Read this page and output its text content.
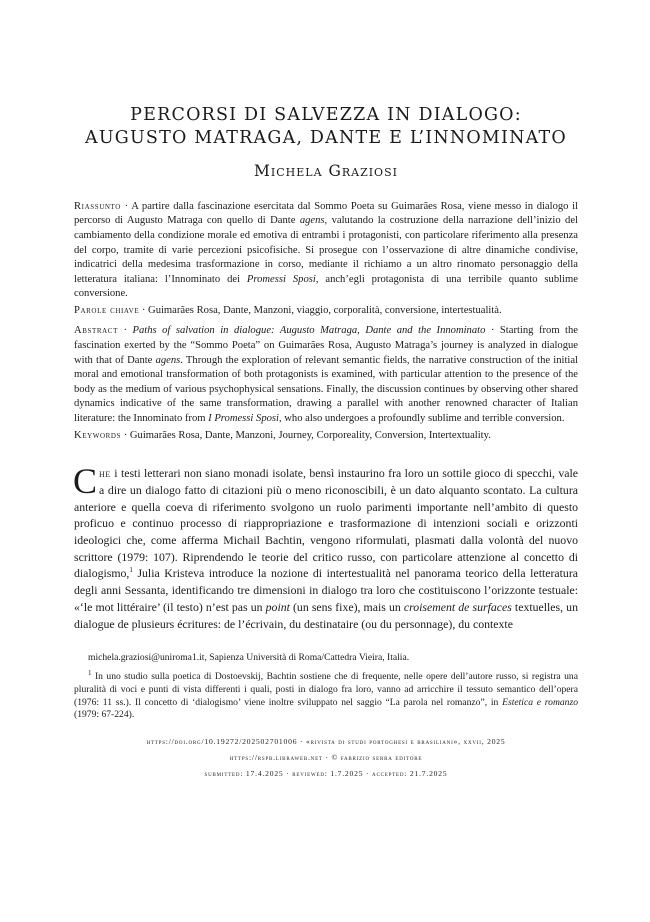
PERCORSI DI SALVEZZA IN DIALOGO:
AUGUSTO MATRAGA, DANTE E L’INNOMINATO
Michela Graziosi

Riassunto · A partire dalla fascinazione esercitata dal Sommo Poeta su Guimarães Rosa, viene messo in dialogo il percorso di Augusto Matraga con quello di Dante agens, valutando la costruzione della narrazione dell’inizio del cambiamento della condizione morale ed emotiva di entrambi i protagonisti, con particolare riferimento alla presenza del corpo, tramite di varie percezioni psicofisiche. Si prosegue con l’osservazione di altre dinamiche condivise, indicatrici della medesima trasformazione in corso, mediante il richiamo a un altro rinomato personaggio della letteratura italiana: l’Innominato dei Promessi Sposi, anch’egli protagonista di una terribile quanto sublime conversione.

Parole chiave · Guimarães Rosa, Dante, Manzoni, viaggio, corporalità, conversione, intertestualità.

Abstract · Paths of salvation in dialogue: Augusto Matraga, Dante and the Innominato · Starting from the fascination exerted by the “Sommo Poeta” on Guimarães Rosa, Augusto Matraga’s journey is analyzed in dialogue with that of Dante agens. Through the exploration of relevant semantic fields, the narrative construction of the initial moral and emotional transformation of both protagonists is examined, with particular attention to the presence of the body as the medium of various psychophysical sensations. Finally, the discussion continues by observing other shared dynamics indicative of the same transformation, drawing a parallel with another renowned character of Italian literature: the Innominato from I Promessi Sposi, who also undergoes a profoundly sublime and terrible conversion.

Keywords · Guimarães Rosa, Dante, Manzoni, Journey, Corporeality, Conversion, Intertextuality.

Che i testi letterari non siano monadi isolate, bensì instaurino fra loro un sottile gioco di specchi, vale a dire un dialogo fatto di citazioni più o meno riconoscibili, è un dato alquanto scontato. La cultura anteriore e quella coeva di riferimento svolgono un ruolo parimenti importante nell’ambito di questo proficuo e continuo processo di riappropriazione e trasformazione di intenzioni sociali e orizzonti ideologici che, come afferma Michail Bachtin, vengono riformulati, plasmati dalla volontà del nuovo scrittore (1979: 107). Riprendendo le teorie del critico russo, con particolare attenzione al concetto di dialogismo,$^1$ Julia Kristeva introduce la nozione di intertestualità nel panorama teorico della letteratura degli anni Sessanta, identificando tre dimensioni in dialogo tra loro che costituiscono l’orizzonte testuale: «‘le mot littéraire’ (il testo) n’est pas un point (un sens fixe), mais un croisement de surfaces textuelles, un dialogue de plusieurs écritures: de l’écrivain, du destinataire (ou du personnage), du contexte

michela.graziosi@uniroma1.it, Sapienza Università di Roma/Cattedra Vieira, Italia.

$^1$ In uno studio sulla poetica di Dostoevskij, Bachtin sostiene che di frequente, nelle opere dell’autore russo, si registra una pluralità di voci e punti di vista differenti i quali, posti in dialogo fra loro, vanno ad arricchire il tessuto semantico dell’opera (1976: 11 ss.). Il concetto di ‘dialogismo’ viene inoltre sviluppato nel saggio “La parola nel romanzo”, in Estetica e romanzo (1979: 67-224).

https://doi.org/10.19272/202502701006 · «rivista di studi portoghesi e brasiliani», xxvii, 2025
https://rspb.libraweb.net · © fabrizio serra editore
submitted: 17.4.2025 · reviewed: 1.7.2025 · accepted: 21.7.2025
